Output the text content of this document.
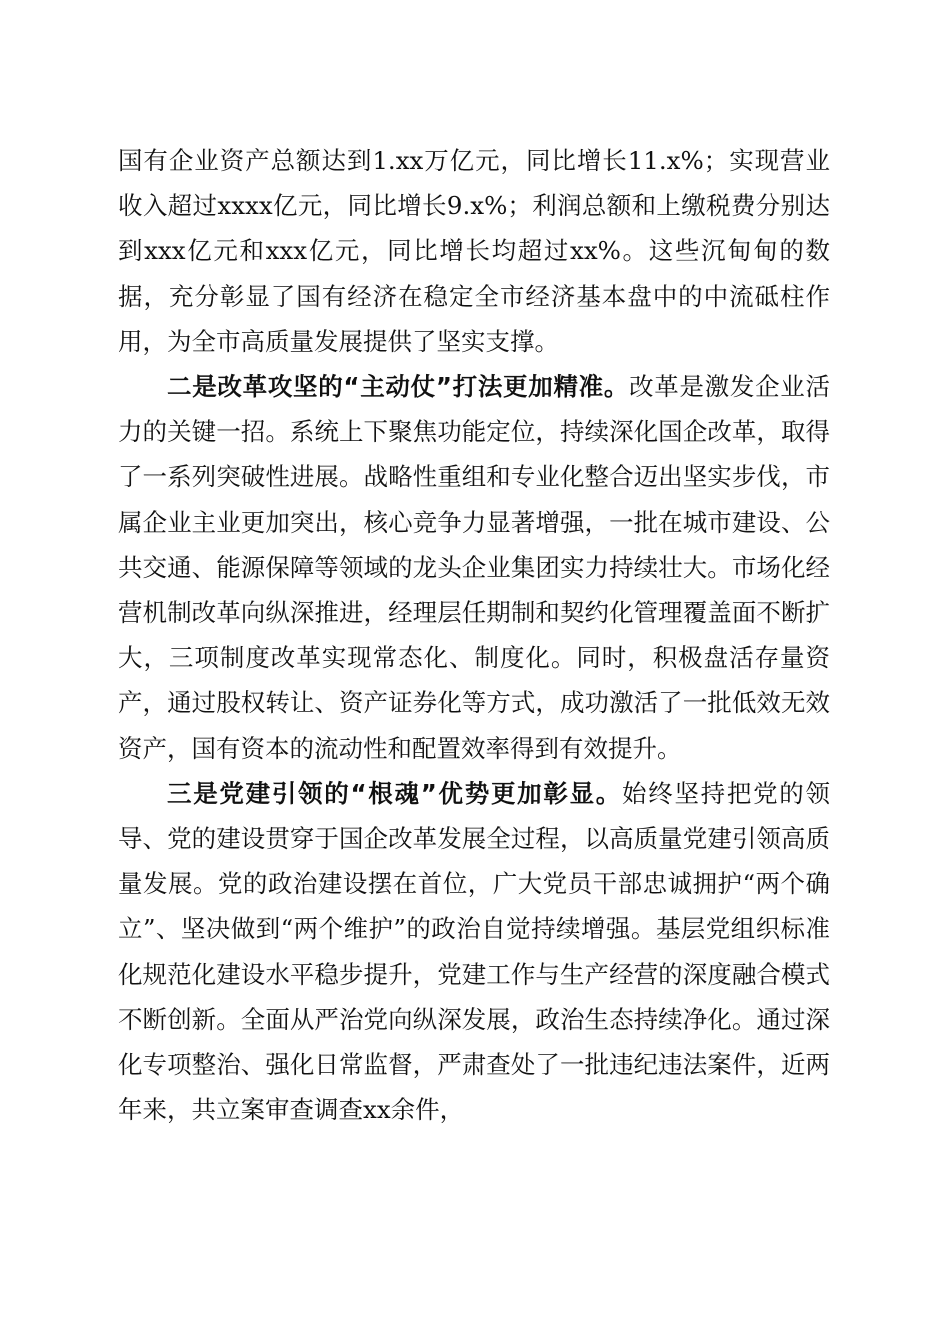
国有企业资产总额达到1.xx万亿元，同比增长11.x%；实现营业收入超过xxxx亿元，同比增长9.x%；利润总额和上缴税费分别达到xxx亿元和xxx亿元，同比增长均超过xx%。这些沉甸甸的数据，充分彰显了国有经济在稳定全市经济基本盘中的中流砥柱作用，为全市高质量发展提供了坚实支撑。

二是改革攻坚的“主动仗”打法更加精准。改革是激发企业活力的关键一招。系统上下聚焦功能定位，持续深化国企改革，取得了一系列突破性进展。战略性重组和专业化整合迈出坚实步伐，市属企业主业更加突出，核心竞争力显著增强，一批在城市建设、公共交通、能源保障等领域的龙头企业集团实力持续壮大。市场化经营机制改革向纵深推进，经理层任期制和契约化管理覆盖面不断扩大，三项制度改革实现常态化、制度化。同时，积极盘活存量资产，通过股权转让、资产证券化等方式，成功激活了一批低效无效资产，国有资本的流动性和配置效率得到有效提升。

三是党建引领的“根魂”优势更加彰显。始终坚持把党的领导、党的建设贯穿于国企改革发展全过程，以高质量党建引领高质量发展。党的政治建设摆在首位，广大党员干部忠诚拥护“两个确立”、坚决做到“两个维护”的政治自觉持续增强。基层党组织标准化规范化建设水平稳步提升，党建工作与生产经营的深度融合模式不断创新。全面从严治党向纵深发展，政治生态持续净化。通过深化专项整治、强化日常监督，严肃查处了一批违纪违法案件，近两年来，共立案审查调查xx余件，
